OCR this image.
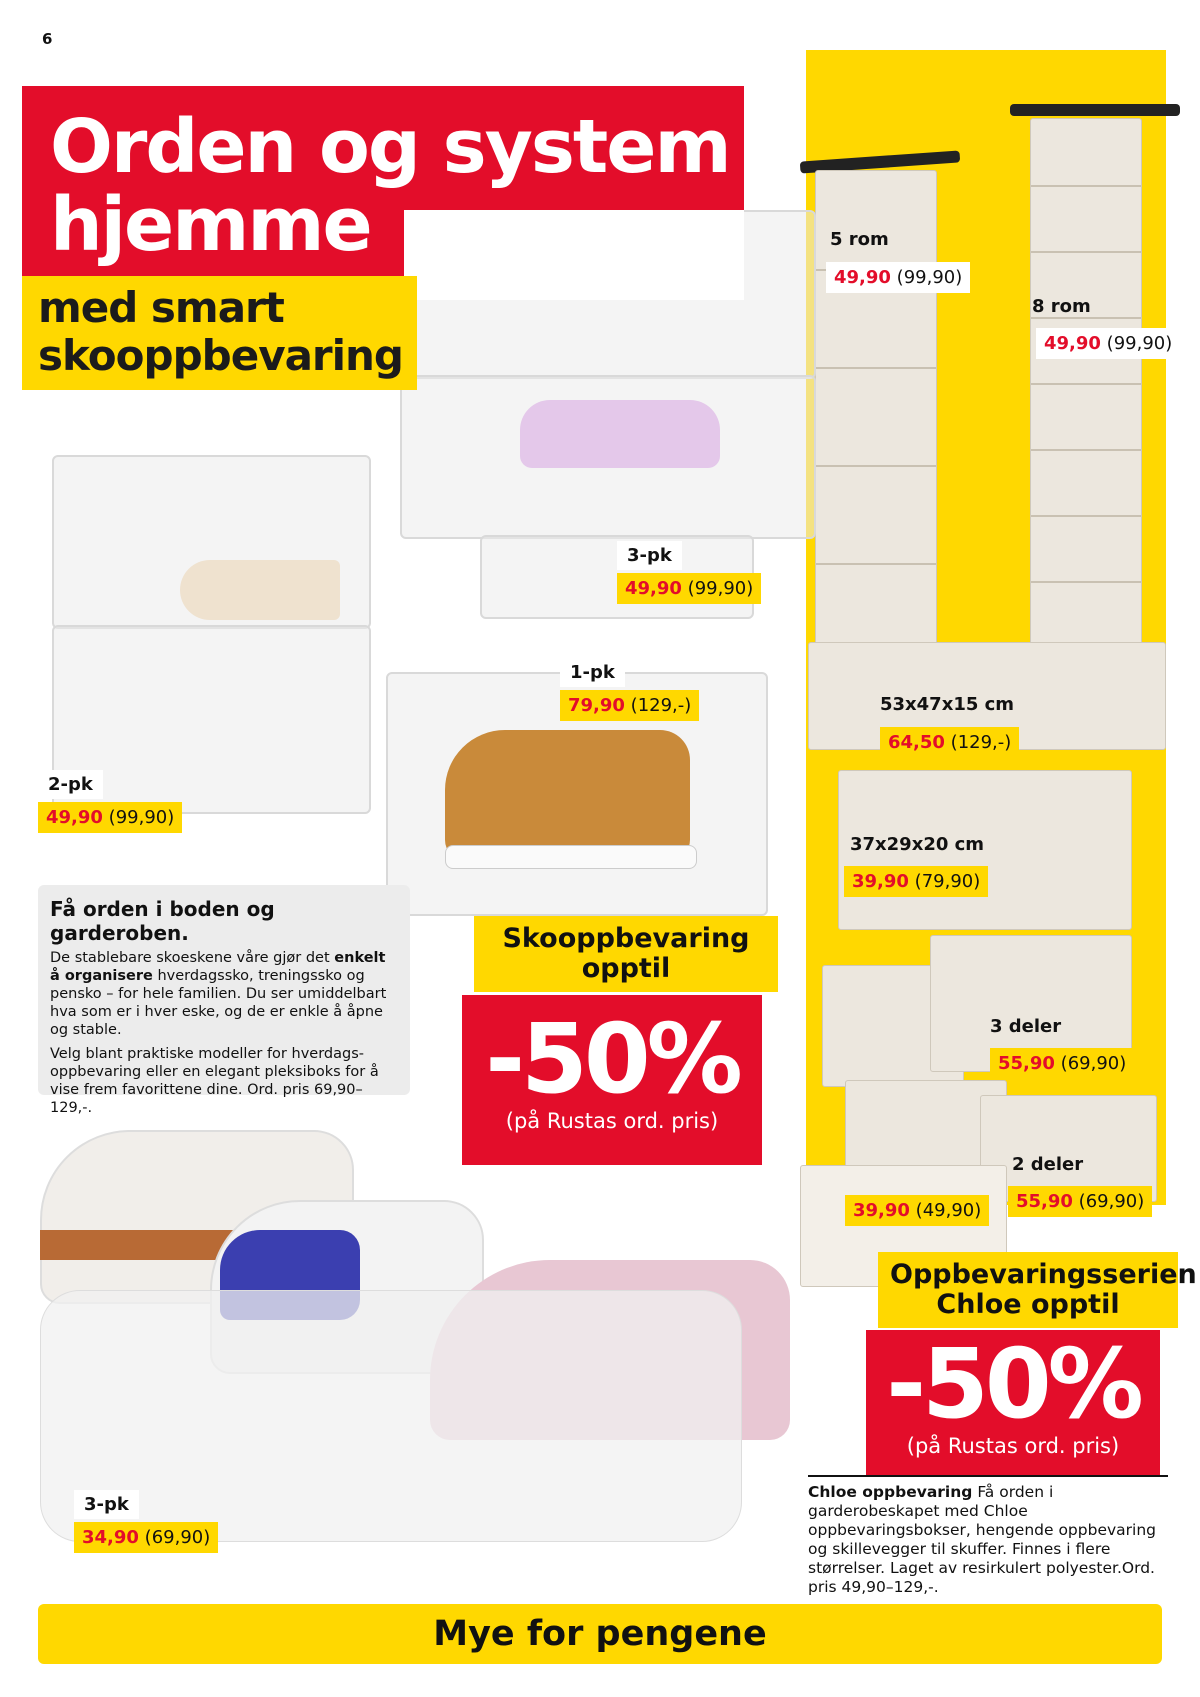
6
Orden og system
hjemme
med smart
skooppbevaring
3-pk
49,90 (99,90)
1-pk
79,90 (129,-)
2-pk
49,90 (99,90)
3-pk
34,90 (69,90)
5 rom
49,90 (99,90)
8 rom
49,90 (99,90)
53x47x15 cm
64,50 (129,-)
37x29x20 cm
39,90 (79,90)
3 deler
55,90 (69,90)
2 deler
55,90 (69,90)
39,90 (49,90)
Få orden i boden og garderoben.
De stablebare skoeskene våre gjør det enkelt å organisere hverdagssko, treningssko og pensko – for hele familien. Du ser umiddelbart hva som er i hver eske, og de er enkle å åpne og stable.
Velg blant praktiske modeller for hverdagsoppbevaring eller en elegant pleksiboks for å vise frem favorittene dine. Ord. pris 69,90–129,-.
Skooppbevaring
opptil
-50%
(på Rustas ord. pris)
Oppbevaringsserien
Chloe opptil
-50%
(på Rustas ord. pris)
Chloe oppbevaring Få orden i garderobeskapet med Chloe oppbevaringsbokser, hengende oppbevaring og skillevegger til skuffer. Finnes i flere størrelser. Laget av resirkulert polyester.Ord. pris 49,90–129,-.
Mye for pengene
